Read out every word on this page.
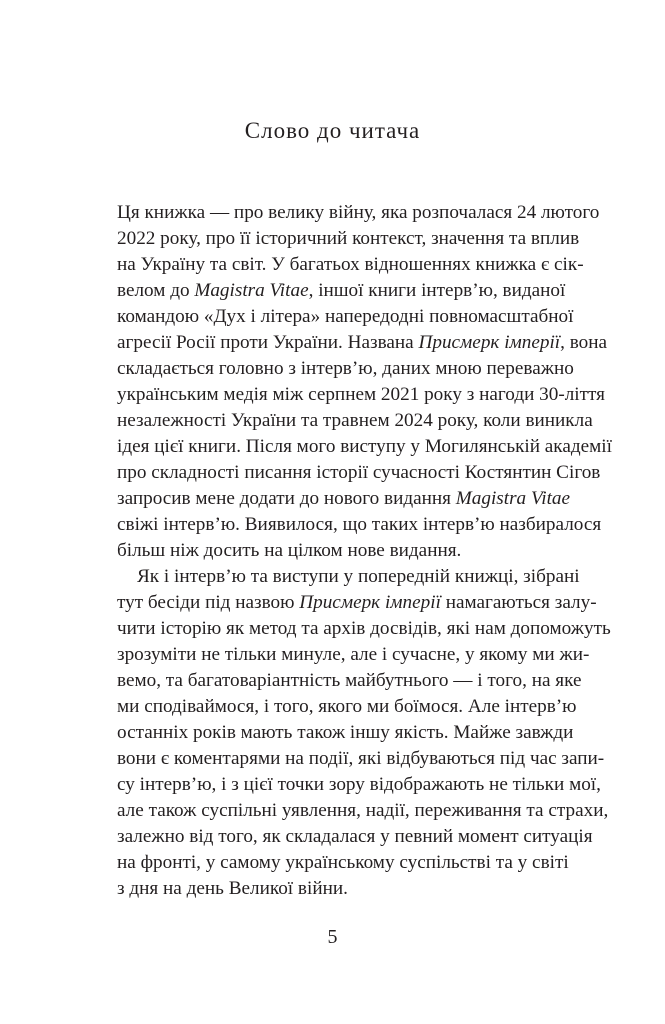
Слово до читача
Ця книжка — про велику війну, яка розпочалася 24 лютого
2022 року, про її історичний контекст, значення та вплив
на Україну та світ. У багатьох відношеннях книжка є сік-
велом до Magistra Vitae, іншої книги інтерв’ю, виданої
командою «Дух і літера» напередодні повномасштабної
агресії Росії проти України. Названа Присмерк імперії, вона
складається головно з інтерв’ю, даних мною переважно
українським медія між серпнем 2021 року з нагоди 30-ліття
незалежності України та травнем 2024 року, коли виникла
ідея цієї книги. Після мого виступу у Могилянській академії
про складності писання історії сучасності Костянтин Сігов
запросив мене додати до нового видання Magistra Vitae
свіжі інтерв’ю. Виявилося, що таких інтерв’ю назбиралося
більш ніж досить на цілком нове видання.
Як і інтерв’ю та виступи у попередній книжці, зібрані
тут бесіди під назвою Присмерк імперії намагаються залу-
чити історію як метод та архів досвідів, які нам допоможуть
зрозуміти не тільки минуле, але і сучасне, у якому ми жи-
вемо, та багатоваріантність майбутнього — і того, на яке
ми сподіваймося, і того, якого ми боїмося. Але інтерв’ю
останніх років мають також іншу якість. Майже завжди
вони є коментарями на події, які відбуваються під час запи-
су інтерв’ю, і з цієї точки зору відображають не тільки мої,
але також суспільні уявлення, надії, переживання та страхи,
залежно від того, як складалася у певний момент ситуація
на фронті, у самому українському суспільстві та у світі
з дня на день Великої війни.
5
